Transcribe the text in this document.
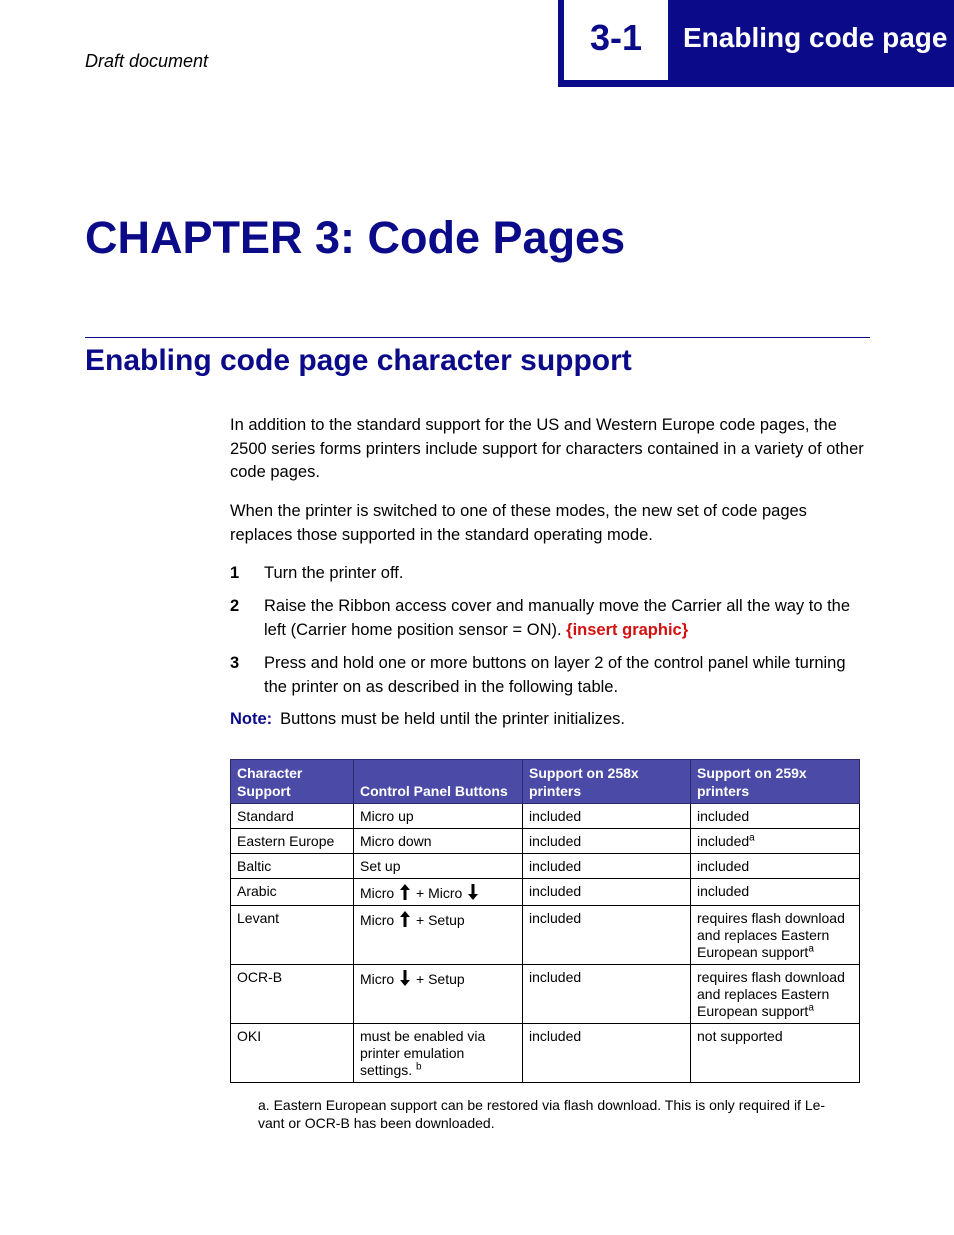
Draft document
3-1	Enabling code page
CHAPTER 3: Code Pages
Enabling code page character support

In addition to the standard support for the US and Western Europe code pages, the 2500 series forms printers include support for characters contained in a variety of other code pages.

When the printer is switched to one of these modes, the new set of code pages replaces those supported in the standard operating mode.

1	Turn the printer off.
2	Raise the Ribbon access cover and manually move the Carrier all the way to the left (Carrier home position sensor = ON). {insert graphic}
3	Press and hold one or more buttons on layer 2 of the control panel while turning the printer on as described in the following table.
Note: Buttons must be held until the printer initializes.
Character Support	Control Panel Buttons	Support on 258x printers	Support on 259x printers
Standard	Micro up	included	included
Eastern Europe	Micro down	included	included$^a$
Baltic	Set up	included	included
Arabic	Micro + Micro	included	included
Levant	Micro + Setup	included	requires flash download and replaces Eastern European support$^a$
OCR-B	Micro + Setup	included	requires flash download and replaces Eastern European support$^a$
OKI	must be enabled via printer emulation settings. $^b$	included	not supported

a. Eastern European support can be restored via flash download. This is only required if Le-vant or OCR-B has been downloaded.
